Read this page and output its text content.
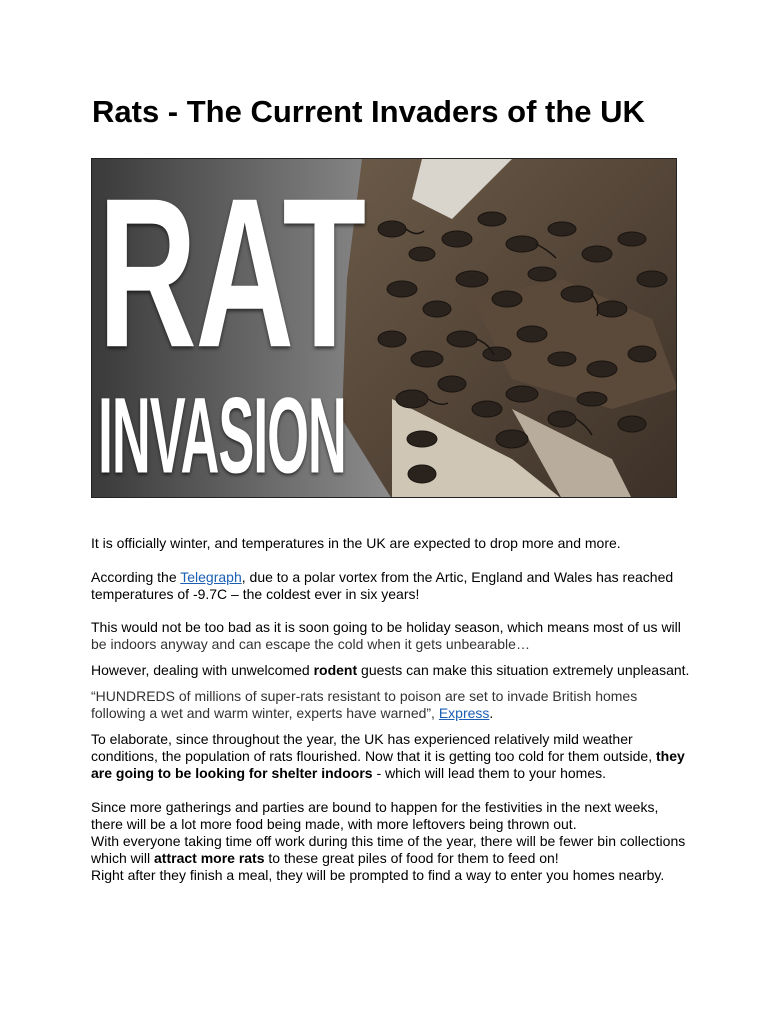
Rats - The Current Invaders of the UK
RAT
INVASION

It is officially winter, and temperatures in the UK are expected to drop more and more.

According the Telegraph, due to a polar vortex from the Artic, England and Wales has reached temperatures of -9.7C – the coldest ever in six years!

This would not be too bad as it is soon going to be holiday season, which means most of us will
be indoors anyway and can escape the cold when it gets unbearable…

However, dealing with unwelcomed rodent guests can make this situation extremely unpleasant.

“HUNDREDS of millions of super-rats resistant to poison are set to invade British homes following a wet and warm winter, experts have warned”, Express.

To elaborate, since throughout the year, the UK has experienced relatively mild weather conditions, the population of rats flourished. Now that it is getting too cold for them outside, they are going to be looking for shelter indoors - which will lead them to your homes.

Since more gatherings and parties are bound to happen for the festivities in the next weeks, there will be a lot more food being made, with more leftovers being thrown out.
With everyone taking time off work during this time of the year, there will be fewer bin collections which will attract more rats to these great piles of food for them to feed on!
Right after they finish a meal, they will be prompted to find a way to enter you homes nearby.
